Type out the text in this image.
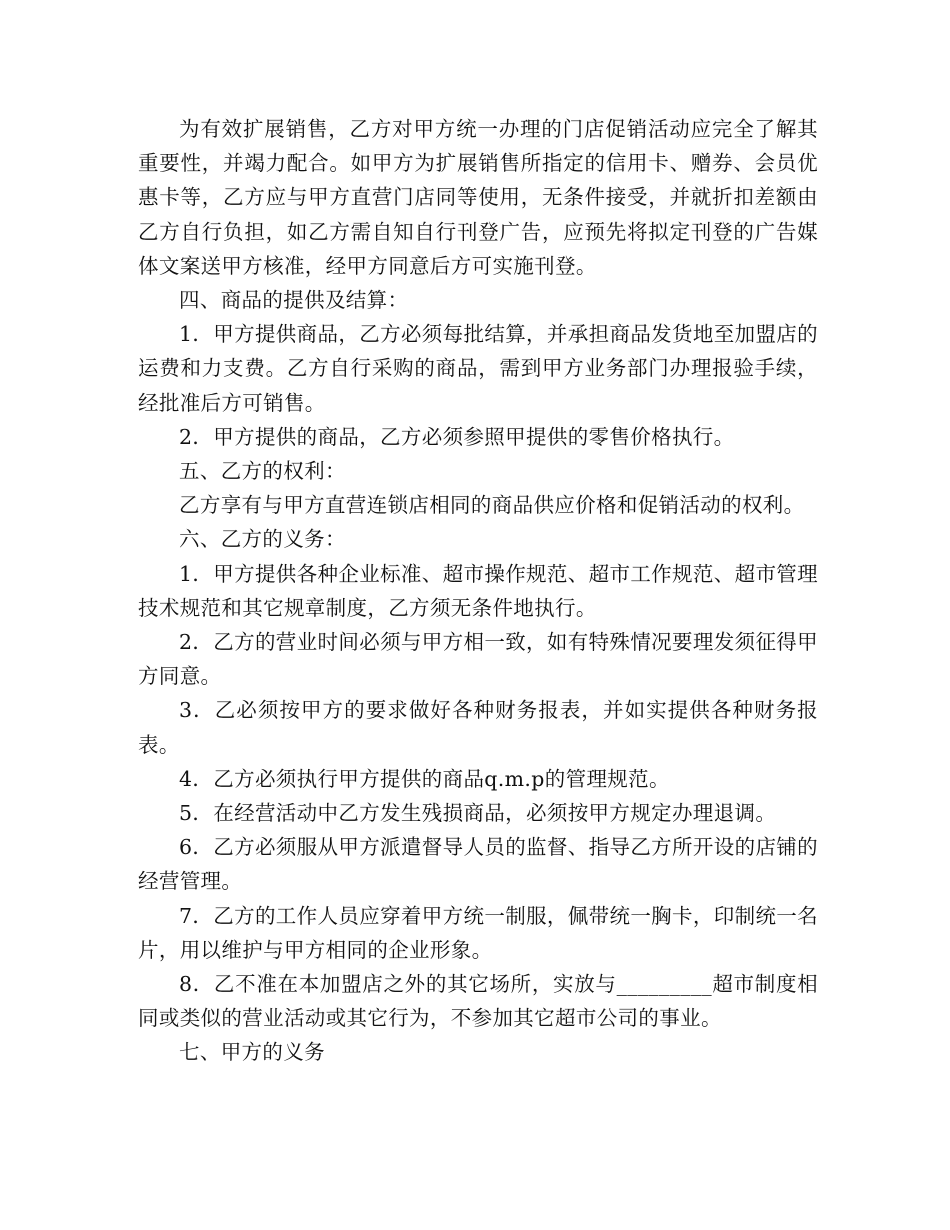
为有效扩展销售，乙方对甲方统一办理的门店促销活动应完全了解其重要性，并竭力配合。如甲方为扩展销售所指定的信用卡、赠券、会员优惠卡等，乙方应与甲方直营门店同等使用，无条件接受，并就折扣差额由乙方自行负担，如乙方需自知自行刊登广告，应预先将拟定刊登的广告媒体文案送甲方核准，经甲方同意后方可实施刊登。

四、商品的提供及结算：

1．甲方提供商品，乙方必须每批结算，并承担商品发货地至加盟店的运费和力支费。乙方自行采购的商品，需到甲方业务部门办理报验手续，经批准后方可销售。

2．甲方提供的商品，乙方必须参照甲提供的零售价格执行。

五、乙方的权利：

乙方享有与甲方直营连锁店相同的商品供应价格和促销活动的权利。

六、乙方的义务：

1．甲方提供各种企业标准、超市操作规范、超市工作规范、超市管理技术规范和其它规章制度，乙方须无条件地执行。

2．乙方的营业时间必须与甲方相一致，如有特殊情况要理发须征得甲方同意。

3．乙必须按甲方的要求做好各种财务报表，并如实提供各种财务报表。

4．乙方必须执行甲方提供的商品q.m.p的管理规范。

5．在经营活动中乙方发生残损商品，必须按甲方规定办理退调。

6．乙方必须服从甲方派遣督导人员的监督、指导乙方所开设的店铺的经营管理。

7．乙方的工作人员应穿着甲方统一制服，佩带统一胸卡，印制统一名片，用以维护与甲方相同的企业形象。

8．乙不准在本加盟店之外的其它场所，实放与_________超市制度相同或类似的营业活动或其它行为，不参加其它超市公司的事业。

七、甲方的义务
